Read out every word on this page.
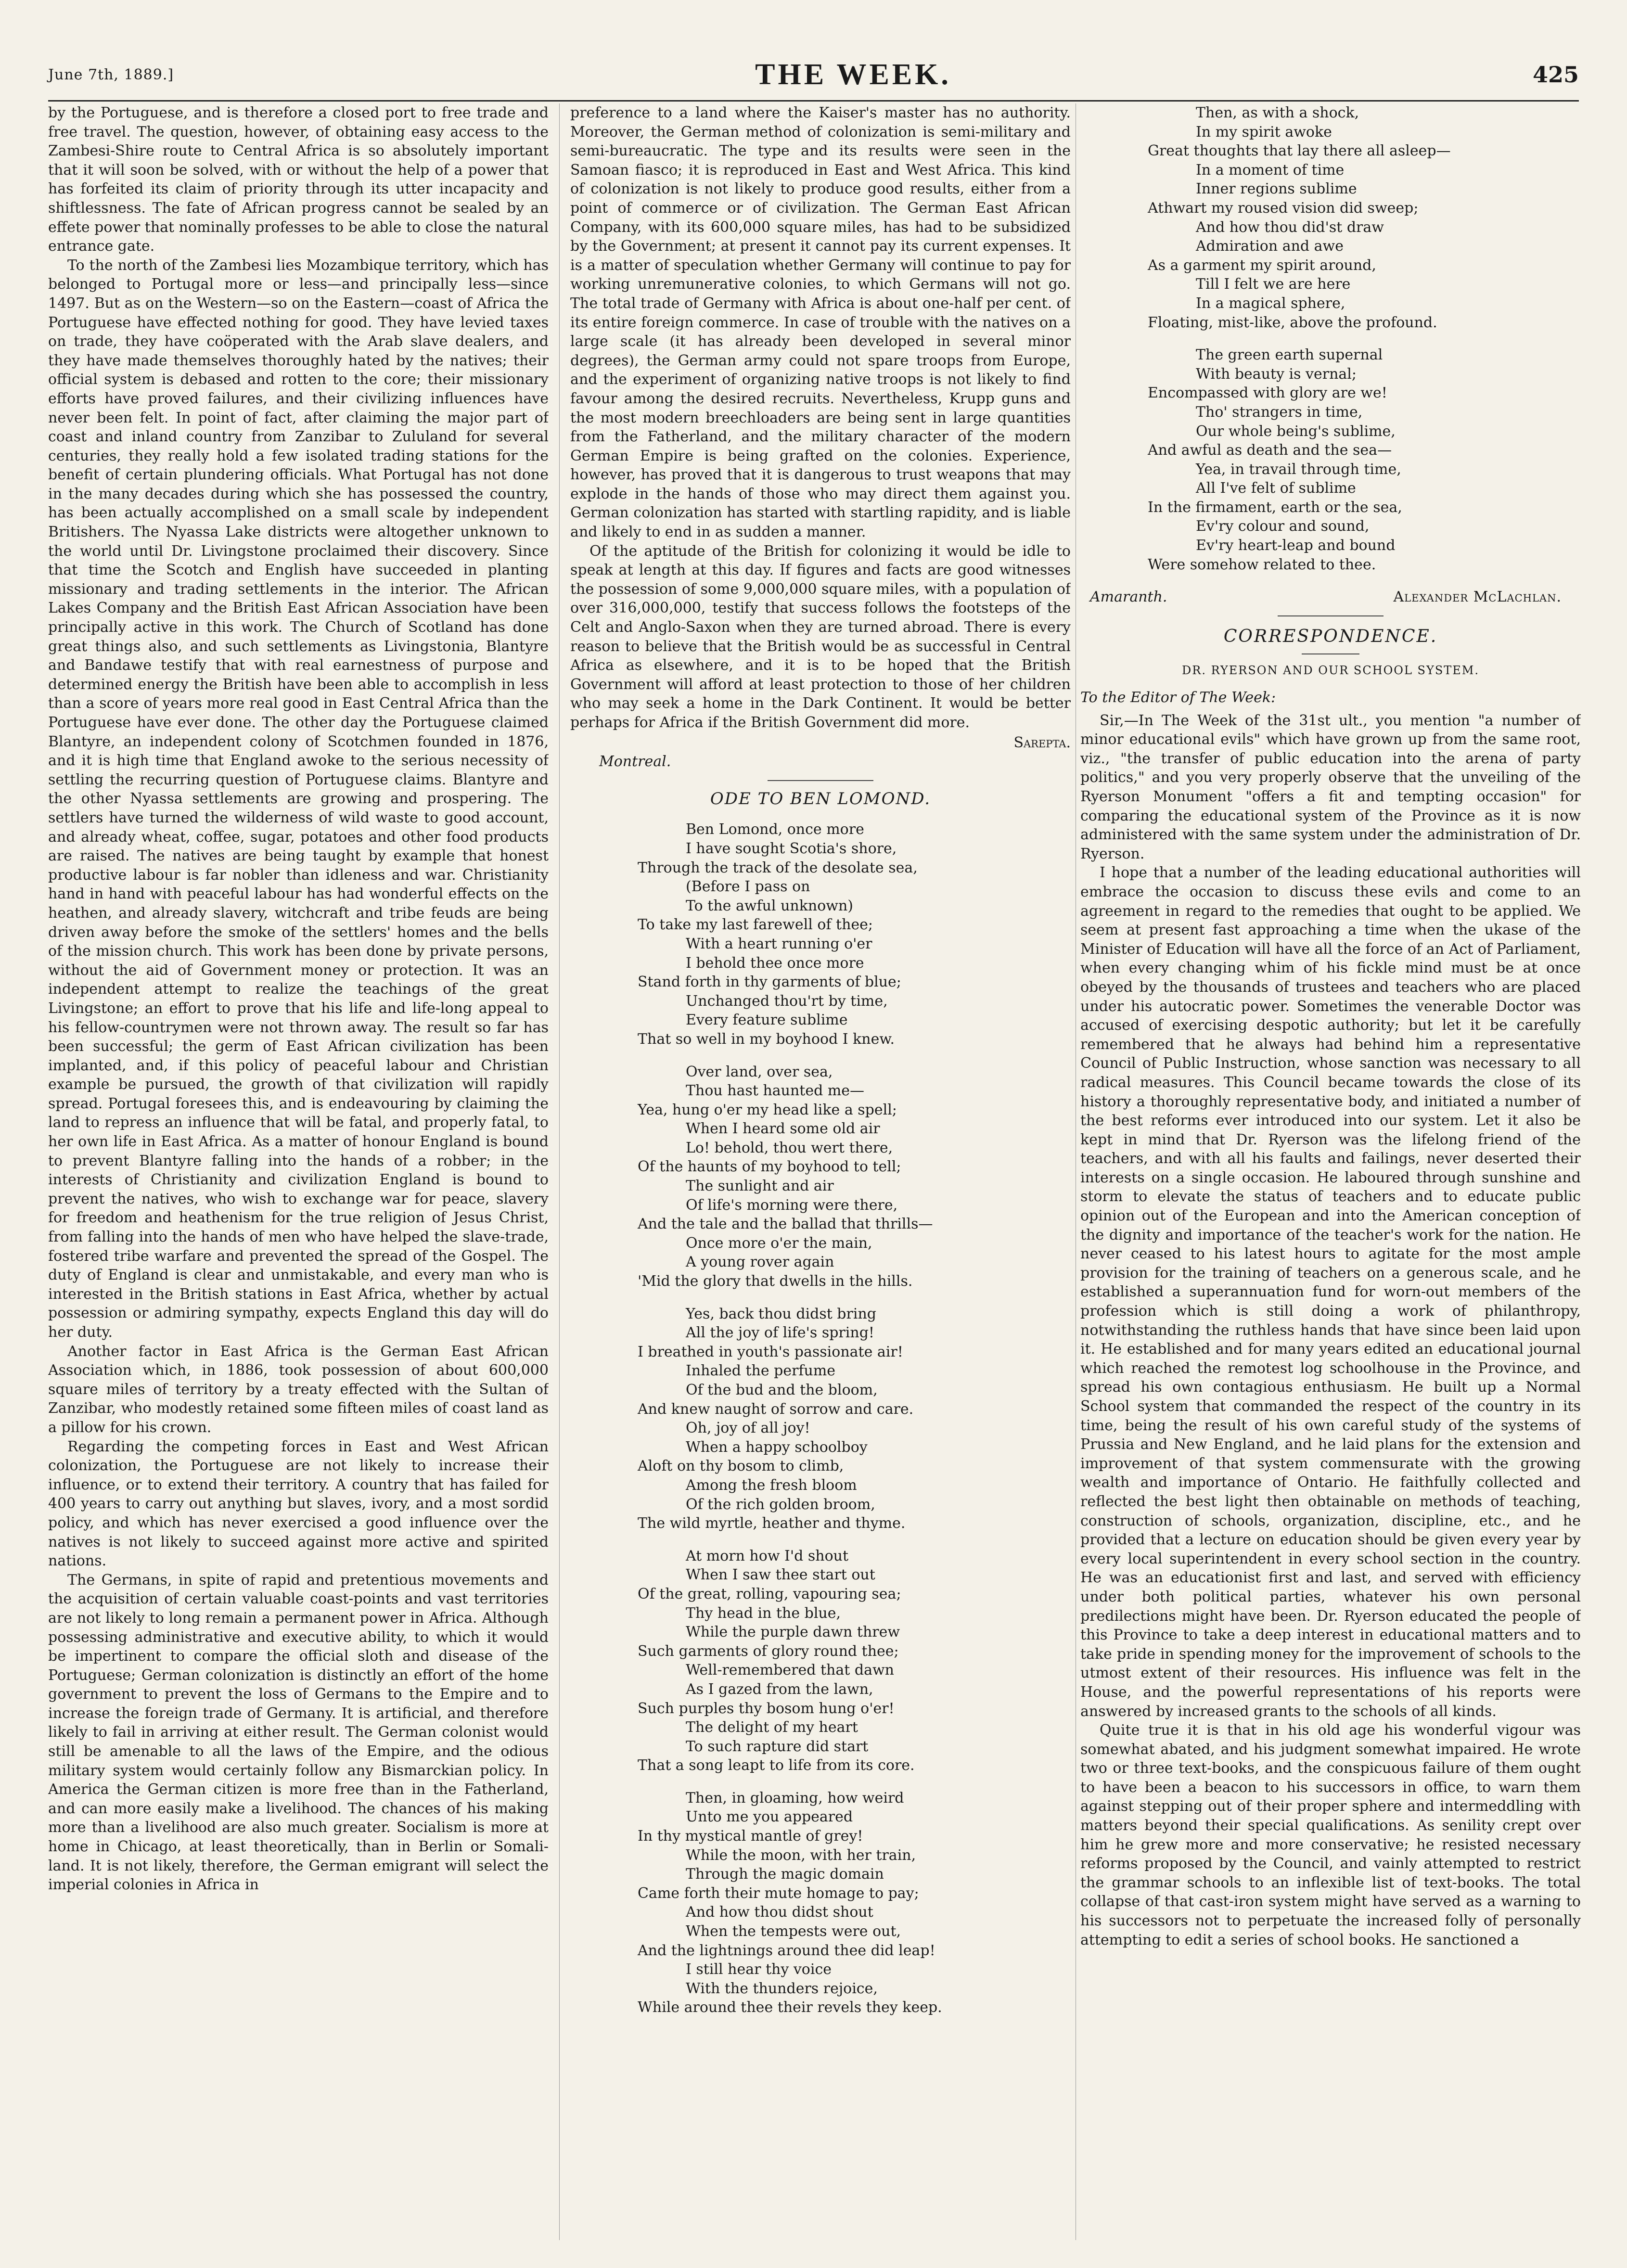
June 7th, 1889.]	THE WEEK.	425

by the Portuguese, and is therefore a closed port to free trade and free travel. The question, however, of obtaining easy access to the Zambesi-Shire route to Central Africa is so absolutely important that it will soon be solved, with or without the help of a power that has forfeited its claim of priority through its utter incapacity and shiftlessness. The fate of African progress cannot be sealed by an effete power that nominally professes to be able to close the natural entrance gate.

To the north of the Zambesi lies Mozambique territory, which has belonged to Portugal more or less—and principally less—since 1497. But as on the Western—so on the Eastern—coast of Africa the Portuguese have effected nothing for good. They have levied taxes on trade, they have coöperated with the Arab slave dealers, and they have made themselves thoroughly hated by the natives; their official system is debased and rotten to the core; their missionary efforts have proved failures, and their civilizing influences have never been felt. In point of fact, after claiming the major part of coast and inland country from Zanzibar to Zululand for several centuries, they really hold a few isolated trading stations for the benefit of certain plundering officials. What Portugal has not done in the many decades during which she has possessed the country, has been actually accomplished on a small scale by independent Britishers. The Nyassa Lake districts were altogether unknown to the world until Dr. Livingstone proclaimed their discovery. Since that time the Scotch and English have succeeded in planting missionary and trading settlements in the interior. The African Lakes Company and the British East African Association have been principally active in this work. The Church of Scotland has done great things also, and such settlements as Livingstonia, Blantyre and Bandawe testify that with real earnestness of purpose and determined energy the British have been able to accomplish in less than a score of years more real good in East Central Africa than the Portuguese have ever done. The other day the Portuguese claimed Blantyre, an independent colony of Scotchmen founded in 1876, and it is high time that England awoke to the serious necessity of settling the recurring question of Portuguese claims. Blantyre and the other Nyassa settlements are growing and prospering. The settlers have turned the wilderness of wild waste to good account, and already wheat, coffee, sugar, potatoes and other food products are raised. The natives are being taught by example that honest productive labour is far nobler than idleness and war. Christianity hand in hand with peaceful labour has had wonderful effects on the heathen, and already slavery, witchcraft and tribe feuds are being driven away before the smoke of the settlers' homes and the bells of the mission church. This work has been done by private persons, without the aid of Government money or protection. It was an independent attempt to realize the teachings of the great Livingstone; an effort to prove that his life and life-long appeal to his fellow-countrymen were not thrown away. The result so far has been successful; the germ of East African civilization has been implanted, and, if this policy of peaceful labour and Christian example be pursued, the growth of that civilization will rapidly spread. Portugal foresees this, and is endeavouring by claiming the land to repress an influence that will be fatal, and properly fatal, to her own life in East Africa. As a matter of honour England is bound to prevent Blantyre falling into the hands of a robber; in the interests of Christianity and civilization England is bound to prevent the natives, who wish to exchange war for peace, slavery for freedom and heathenism for the true religion of Jesus Christ, from falling into the hands of men who have helped the slave-trade, fostered tribe warfare and prevented the spread of the Gospel. The duty of England is clear and unmistakable, and every man who is interested in the British stations in East Africa, whether by actual possession or admiring sympathy, expects England this day will do her duty.

Another factor in East Africa is the German East African Association which, in 1886, took possession of about 600,000 square miles of territory by a treaty effected with the Sultan of Zanzibar, who modestly retained some fifteen miles of coast land as a pillow for his crown.

Regarding the competing forces in East and West African colonization, the Portuguese are not likely to increase their influence, or to extend their territory. A country that has failed for 400 years to carry out anything but slaves, ivory, and a most sordid policy, and which has never exercised a good influence over the natives is not likely to succeed against more active and spirited nations.

The Germans, in spite of rapid and pretentious movements and the acquisition of certain valuable coast-points and vast territories are not likely to long remain a permanent power in Africa. Although possessing administrative and executive ability, to which it would be impertinent to compare the official sloth and disease of the Portuguese; German colonization is distinctly an effort of the home government to prevent the loss of Germans to the Empire and to increase the foreign trade of Germany. It is artificial, and therefore likely to fail in arriving at either result. The German colonist would still be amenable to all the laws of the Empire, and the odious military system would certainly follow any Bismarckian policy. In America the German citizen is more free than in the Fatherland, and can more easily make a livelihood. The chances of his making more than a livelihood are also much greater. Socialism is more at home in Chicago, at least theoretically, than in Berlin or Somali-land. It is not likely, therefore, the German emigrant will select the imperial colonies in Africa in

preference to a land where the Kaiser's master has no authority. Moreover, the German method of colonization is semi-military and semi-bureaucratic. The type and its results were seen in the Samoan fiasco; it is reproduced in East and West Africa. This kind of colonization is not likely to produce good results, either from a point of commerce or of civilization. The German East African Company, with its 600,000 square miles, has had to be subsidized by the Government; at present it cannot pay its current expenses. It is a matter of speculation whether Germany will continue to pay for working unremunerative colonies, to which Germans will not go. The total trade of Germany with Africa is about one-half per cent. of its entire foreign commerce. In case of trouble with the natives on a large scale (it has already been developed in several minor degrees), the German army could not spare troops from Europe, and the experiment of organizing native troops is not likely to find favour among the desired recruits. Nevertheless, Krupp guns and the most modern breechloaders are being sent in large quantities from the Fatherland, and the military character of the modern German Empire is being grafted on the colonies. Experience, however, has proved that it is dangerous to trust weapons that may explode in the hands of those who may direct them against you. German colonization has started with startling rapidity, and is liable and likely to end in as sudden a manner.

Of the aptitude of the British for colonizing it would be idle to speak at length at this day. If figures and facts are good witnesses the possession of some 9,000,000 square miles, with a population of over 316,000,000, testify that success follows the footsteps of the Celt and Anglo-Saxon when they are turned abroad. There is every reason to believe that the British would be as successful in Central Africa as elsewhere, and it is to be hoped that the British Government will afford at least protection to those of her children who may seek a home in the Dark Continent. It would be better perhaps for Africa if the British Government did more.

Sarepta.
Montreal.
ODE TO BEN LOMOND.
Ben Lomond, once more
I have sought Scotia's shore,
Through the track of the desolate sea,
(Before I pass on
To the awful unknown)
To take my last farewell of thee;
With a heart running o'er
I behold thee once more
Stand forth in thy garments of blue;
Unchanged thou'rt by time,
Every feature sublime
That so well in my boyhood I knew.
Over land, over sea,
Thou hast haunted me—
Yea, hung o'er my head like a spell;
When I heard some old air
Lo! behold, thou wert there,
Of the haunts of my boyhood to tell;
The sunlight and air
Of life's morning were there,
And the tale and the ballad that thrills—
Once more o'er the main,
A young rover again
'Mid the glory that dwells in the hills.
Yes, back thou didst bring
All the joy of life's spring!
I breathed in youth's passionate air!
Inhaled the perfume
Of the bud and the bloom,
And knew naught of sorrow and care.
Oh, joy of all joy!
When a happy schoolboy
Aloft on thy bosom to climb,
Among the fresh bloom
Of the rich golden broom,
The wild myrtle, heather and thyme.
At morn how I'd shout
When I saw thee start out
Of the great, rolling, vapouring sea;
Thy head in the blue,
While the purple dawn threw
Such garments of glory round thee;
Well-remembered that dawn
As I gazed from the lawn,
Such purples thy bosom hung o'er!
The delight of my heart
To such rapture did start
That a song leapt to life from its core.
Then, in gloaming, how weird
Unto me you appeared
In thy mystical mantle of grey!
While the moon, with her train,
Through the magic domain
Came forth their mute homage to pay;
And how thou didst shout
When the tempests were out,
And the lightnings around thee did leap!
I still hear thy voice
With the thunders rejoice,
While around thee their revels they keep.
Then, as with a shock,
In my spirit awoke
Great thoughts that lay there all asleep—
In a moment of time
Inner regions sublime
Athwart my roused vision did sweep;
And how thou did'st draw
Admiration and awe
As a garment my spirit around,
Till I felt we are here
In a magical sphere,
Floating, mist-like, above the profound.
The green earth supernal
With beauty is vernal;
Encompassed with glory are we!
Tho' strangers in time,
Our whole being's sublime,
And awful as death and the sea—
Yea, in travail through time,
All I've felt of sublime
In the firmament, earth or the sea,
Ev'ry colour and sound,
Ev'ry heart-leap and bound
Were somehow related to thee.
Amaranth.	Alexander McLachlan.
CORRESPONDENCE.
DR. RYERSON AND OUR SCHOOL SYSTEM.
To the Editor of The Week:

Sir,—In The Week of the 31st ult., you mention "a number of minor educational evils" which have grown up from the same root, viz., "the transfer of public education into the arena of party politics," and you very properly observe that the unveiling of the Ryerson Monument "offers a fit and tempting occasion" for comparing the educational system of the Province as it is now administered with the same system under the administration of Dr. Ryerson.

I hope that a number of the leading educational authorities will embrace the occasion to discuss these evils and come to an agreement in regard to the remedies that ought to be applied. We seem at present fast approaching a time when the ukase of the Minister of Education will have all the force of an Act of Parliament, when every changing whim of his fickle mind must be at once obeyed by the thousands of trustees and teachers who are placed under his autocratic power. Sometimes the venerable Doctor was accused of exercising despotic authority; but let it be carefully remembered that he always had behind him a representative Council of Public Instruction, whose sanction was necessary to all radical measures. This Council became towards the close of its history a thoroughly representative body, and initiated a number of the best reforms ever introduced into our system. Let it also be kept in mind that Dr. Ryerson was the lifelong friend of the teachers, and with all his faults and failings, never deserted their interests on a single occasion. He laboured through sunshine and storm to elevate the status of teachers and to educate public opinion out of the European and into the American conception of the dignity and importance of the teacher's work for the nation. He never ceased to his latest hours to agitate for the most ample provision for the training of teachers on a generous scale, and he established a superannuation fund for worn-out members of the profession which is still doing a work of philanthropy, notwithstanding the ruthless hands that have since been laid upon it. He established and for many years edited an educational journal which reached the remotest log schoolhouse in the Province, and spread his own contagious enthusiasm. He built up a Normal School system that commanded the respect of the country in its time, being the result of his own careful study of the systems of Prussia and New England, and he laid plans for the extension and improvement of that system commensurate with the growing wealth and importance of Ontario. He faithfully collected and reflected the best light then obtainable on methods of teaching, construction of schools, organization, discipline, etc., and he provided that a lecture on education should be given every year by every local superintendent in every school section in the country. He was an educationist first and last, and served with efficiency under both political parties, whatever his own personal predilections might have been. Dr. Ryerson educated the people of this Province to take a deep interest in educational matters and to take pride in spending money for the improvement of schools to the utmost extent of their resources. His influence was felt in the House, and the powerful representations of his reports were answered by increased grants to the schools of all kinds.

Quite true it is that in his old age his wonderful vigour was somewhat abated, and his judgment somewhat impaired. He wrote two or three text-books, and the conspicuous failure of them ought to have been a beacon to his successors in office, to warn them against stepping out of their proper sphere and intermeddling with matters beyond their special qualifications. As senility crept over him he grew more and more conservative; he resisted necessary reforms proposed by the Council, and vainly attempted to restrict the grammar schools to an inflexible list of text-books. The total collapse of that cast-iron system might have served as a warning to his successors not to perpetuate the increased folly of personally attempting to edit a series of school books. He sanctioned a
